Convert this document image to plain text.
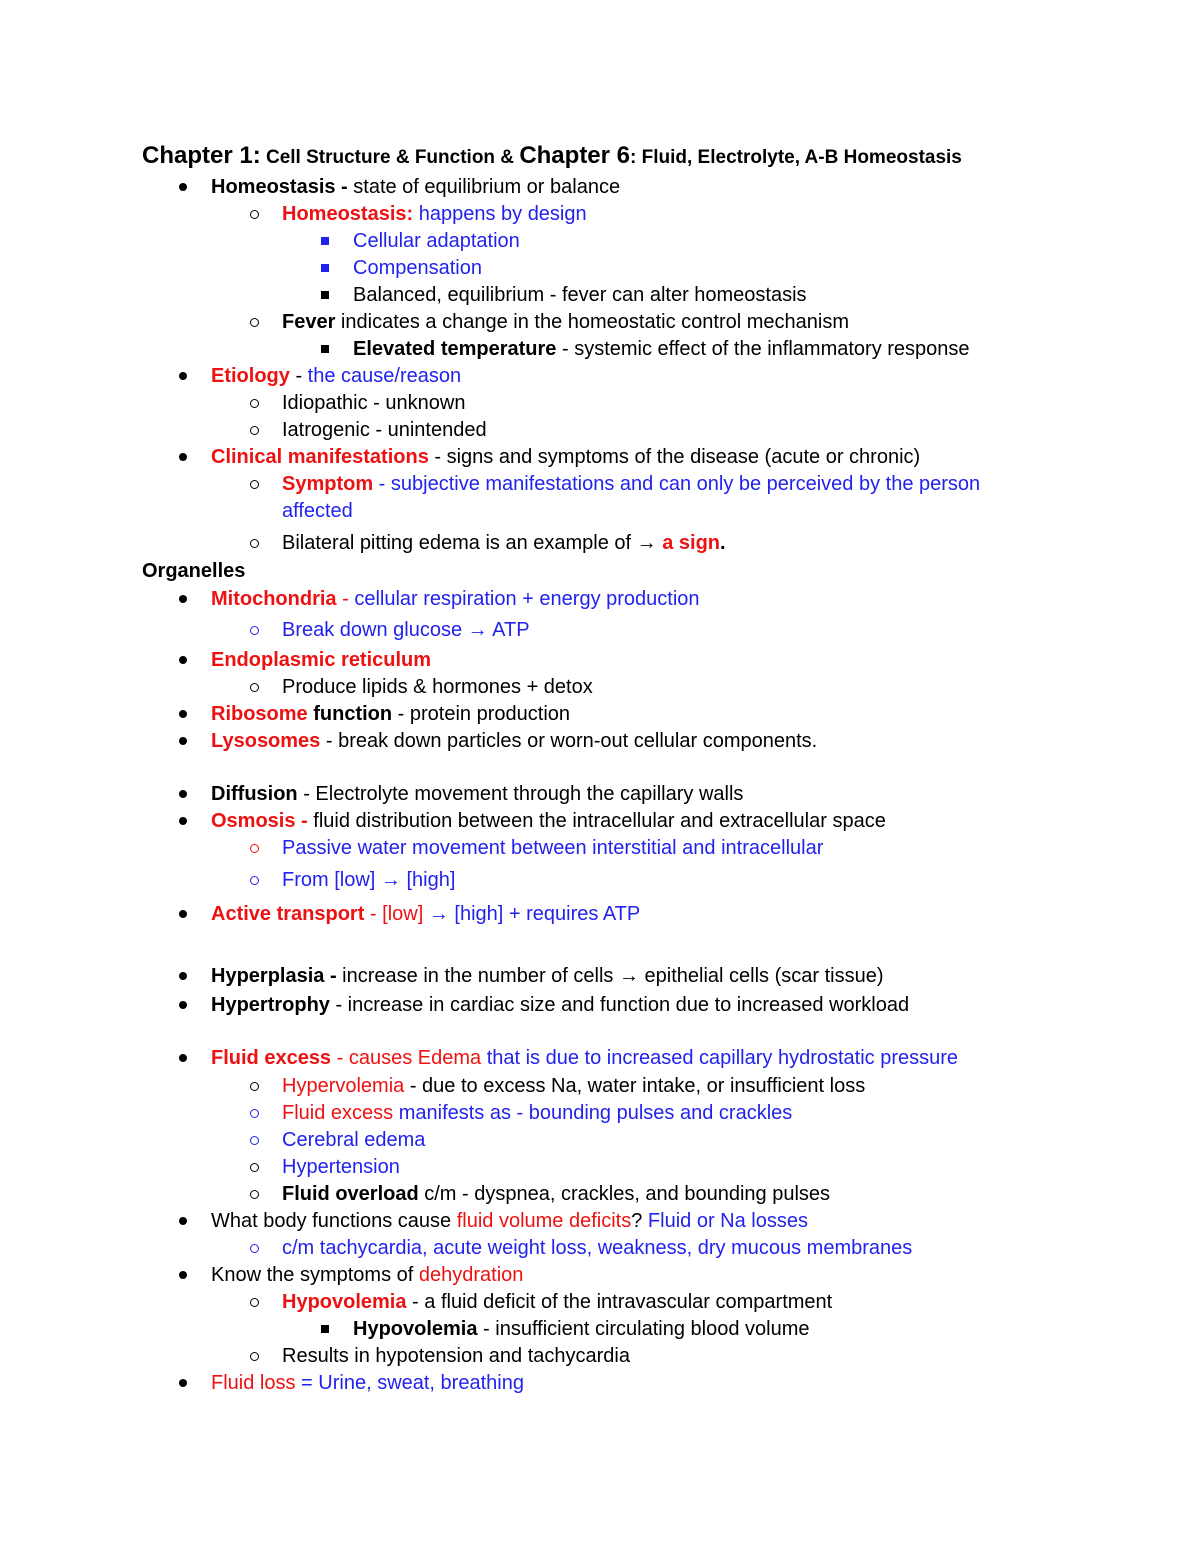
Chapter 1: Cell Structure & Function & Chapter 6: Fluid, Electrolyte, A-B Homeostasis
Homeostasis - state of equilibrium or balance
Homeostasis: happens by design
Cellular adaptation
Compensation
Balanced, equilibrium - fever can alter homeostasis
Fever indicates a change in the homeostatic control mechanism
Elevated temperature - systemic effect of the inflammatory response
Etiology - the cause/reason
Idiopathic - unknown
Iatrogenic - unintended
Clinical manifestations - signs and symptoms of the disease (acute or chronic)
Symptom - subjective manifestations and can only be perceived by the person
affected
Bilateral pitting edema is an example of → a sign.
Organelles
Mitochondria - cellular respiration + energy production
Break down glucose → ATP
Endoplasmic reticulum
Produce lipids & hormones + detox
Ribosome function - protein production
Lysosomes - break down particles or worn-out cellular components.
Diffusion - Electrolyte movement through the capillary walls
Osmosis - fluid distribution between the intracellular and extracellular space
Passive water movement between interstitial and intracellular
From [low] → [high]
Active transport - [low] → [high] + requires ATP
Hyperplasia - increase in the number of cells → epithelial cells (scar tissue)
Hypertrophy - increase in cardiac size and function due to increased workload
Fluid excess - causes Edema that is due to increased capillary hydrostatic pressure
Hypervolemia - due to excess Na, water intake, or insufficient loss
Fluid excess manifests as - bounding pulses and crackles
Cerebral edema
Hypertension
Fluid overload c/m - dyspnea, crackles, and bounding pulses
What body functions cause fluid volume deficits? Fluid or Na losses
c/m tachycardia, acute weight loss, weakness, dry mucous membranes
Know the symptoms of dehydration
Hypovolemia - a fluid deficit of the intravascular compartment
Hypovolemia - insufficient circulating blood volume
Results in hypotension and tachycardia
Fluid loss = Urine, sweat, breathing
